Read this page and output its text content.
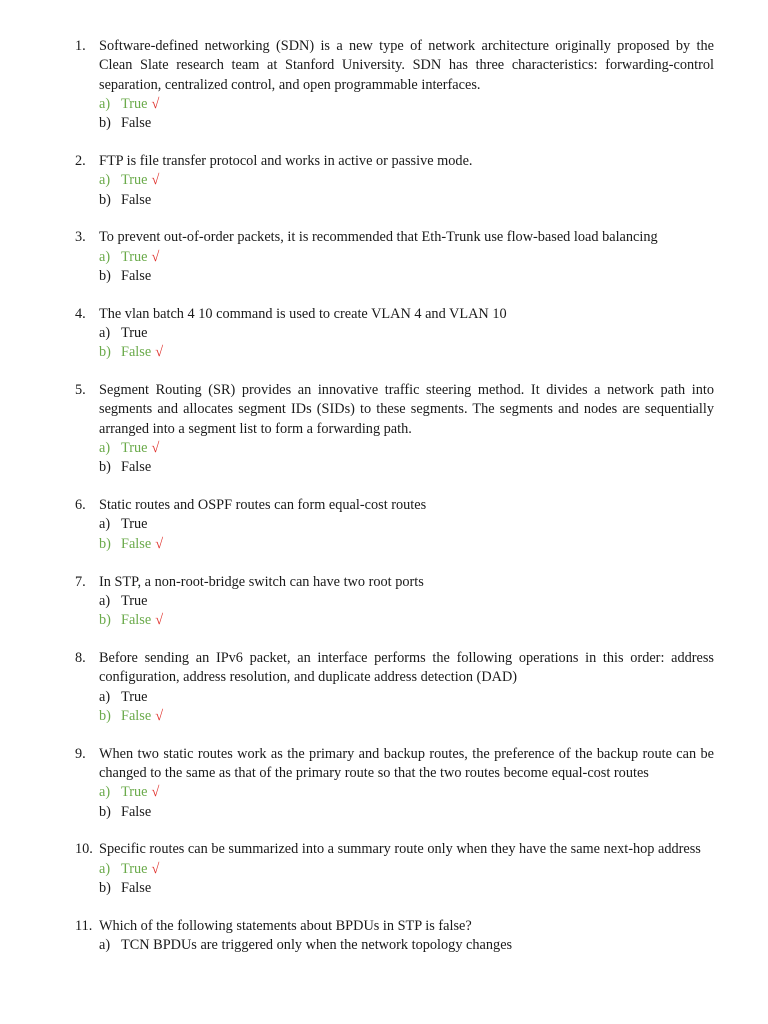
1. Software-defined networking (SDN) is a new type of network architecture originally proposed by the Clean Slate research team at Stanford University. SDN has three characteristics: forwarding-control separation, centralized control, and open programmable interfaces.
a) True √
b) False
2. FTP is file transfer protocol and works in active or passive mode.
a) True √
b) False
3. To prevent out-of-order packets, it is recommended that Eth-Trunk use flow-based load balancing
a) True √
b) False
4. The vlan batch 4 10 command is used to create VLAN 4 and VLAN 10
a) True
b) False √
5. Segment Routing (SR) provides an innovative traffic steering method. It divides a network path into segments and allocates segment IDs (SIDs) to these segments. The segments and nodes are sequentially arranged into a segment list to form a forwarding path.
a) True √
b) False
6. Static routes and OSPF routes can form equal-cost routes
a) True
b) False √
7. In STP, a non-root-bridge switch can have two root ports
a) True
b) False √
8. Before sending an IPv6 packet, an interface performs the following operations in this order: address configuration, address resolution, and duplicate address detection (DAD)
a) True
b) False √
9. When two static routes work as the primary and backup routes, the preference of the backup route can be changed to the same as that of the primary route so that the two routes become equal-cost routes
a) True √
b) False
10. Specific routes can be summarized into a summary route only when they have the same next-hop address
a) True √
b) False
11. Which of the following statements about BPDUs in STP is false?
a) TCN BPDUs are triggered only when the network topology changes
